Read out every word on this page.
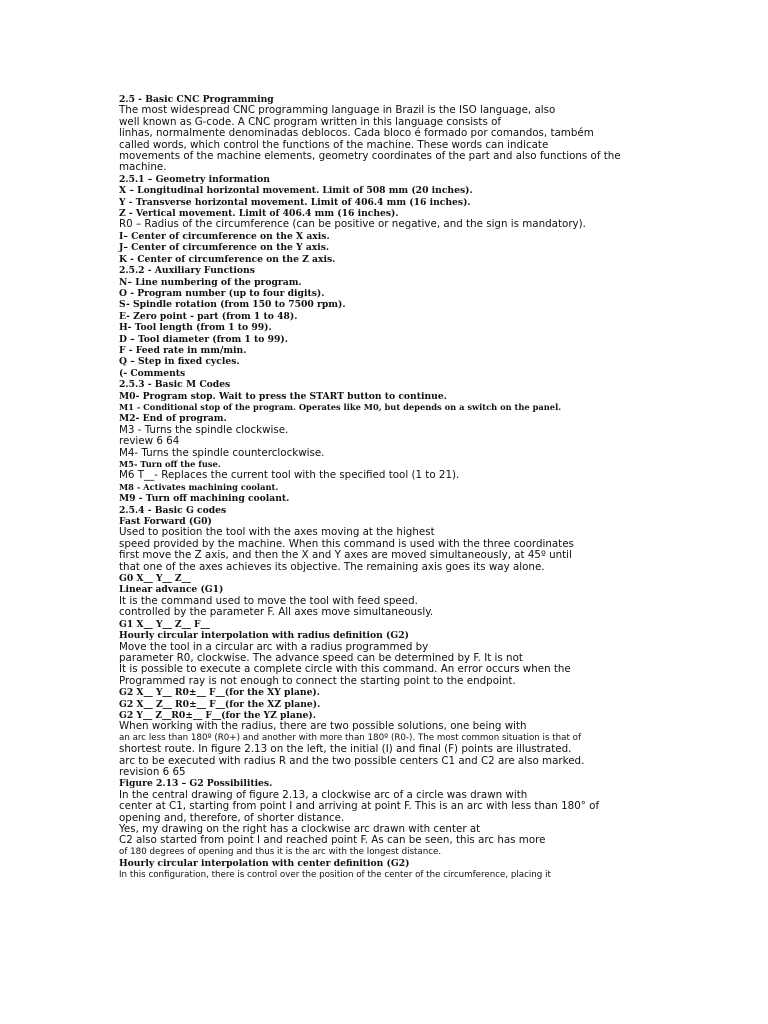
2.5 - Basic CNC Programming
The most widespread CNC programming language in Brazil is the ISO language, also
well known as G-code. A CNC program written in this language consists of
linhas, normalmente denominadas deblocos. Cada bloco é formado por comandos, também
called words, which control the functions of the machine. These words can indicate
movements of the machine elements, geometry coordinates of the part and also functions of the
machine.
2.5.1 – Geometry information
X – Longitudinal horizontal movement. Limit of 508 mm (20 inches).
Y - Transverse horizontal movement. Limit of 406.4 mm (16 inches).
Z - Vertical movement. Limit of 406.4 mm (16 inches).
R0 – Radius of the circumference (can be positive or negative, and the sign is mandatory).
I– Center of circumference on the X axis.
J– Center of circumference on the Y axis.
K - Center of circumference on the Z axis.
2.5.2 - Auxiliary Functions
N– Line numbering of the program.
O - Program number (up to four digits).
S- Spindle rotation (from 150 to 7500 rpm).
E- Zero point - part (from 1 to 48).
H- Tool length (from 1 to 99).
D – Tool diameter (from 1 to 99).
F - Feed rate in mm/min.
Q – Step in fixed cycles.
(- Comments
2.5.3 - Basic M Codes
M0- Program stop. Wait to press the START button to continue.
M1 - Conditional stop of the program. Operates like M0, but depends on a switch on the panel.
M2- End of program.
M3 - Turns the spindle clockwise.
review 6 64
M4- Turns the spindle counterclockwise.
M5- Turn off the fuse.
M6 T__- Replaces the current tool with the specified tool (1 to 21).
M8 - Activates machining coolant.
M9 - Turn off machining coolant.
2.5.4 - Basic G codes
Fast Forward (G0)
Used to position the tool with the axes moving at the highest
speed provided by the machine. When this command is used with the three coordinates
first move the Z axis, and then the X and Y axes are moved simultaneously, at 45º until
that one of the axes achieves its objective. The remaining axis goes its way alone.
G0 X__ Y__ Z__
Linear advance (G1)
It is the command used to move the tool with feed speed.
controlled by the parameter F. All axes move simultaneously.
G1 X__ Y__ Z__ F__
Hourly circular interpolation with radius definition (G2)
Move the tool in a circular arc with a radius programmed by
parameter R0, clockwise. The advance speed can be determined by F. It is not
It is possible to execute a complete circle with this command. An error occurs when the
Programmed ray is not enough to connect the starting point to the endpoint.
G2 X__ Y__ R0±__ F__(for the XY plane).
G2 X__ Z__ R0±__ F__(for the XZ plane).
G2 Y__ Z__R0±__ F__(for the YZ plane).
When working with the radius, there are two possible solutions, one being with
an arc less than 180º (R0+) and another with more than 180º (R0-). The most common situation is that of
shortest route. In figure 2.13 on the left, the initial (I) and final (F) points are illustrated.
arc to be executed with radius R and the two possible centers C1 and C2 are also marked.
revision 6 65
Figure 2.13 – G2 Possibilities.
In the central drawing of figure 2.13, a clockwise arc of a circle was drawn with
center at C1, starting from point I and arriving at point F. This is an arc with less than 180° of
opening and, therefore, of shorter distance.
Yes, my drawing on the right has a clockwise arc drawn with center at
C2 also started from point I and reached point F. As can be seen, this arc has more
of 180 degrees of opening and thus it is the arc with the longest distance.
Hourly circular interpolation with center definition (G2)
In this configuration, there is control over the position of the center of the circumference, placing it
